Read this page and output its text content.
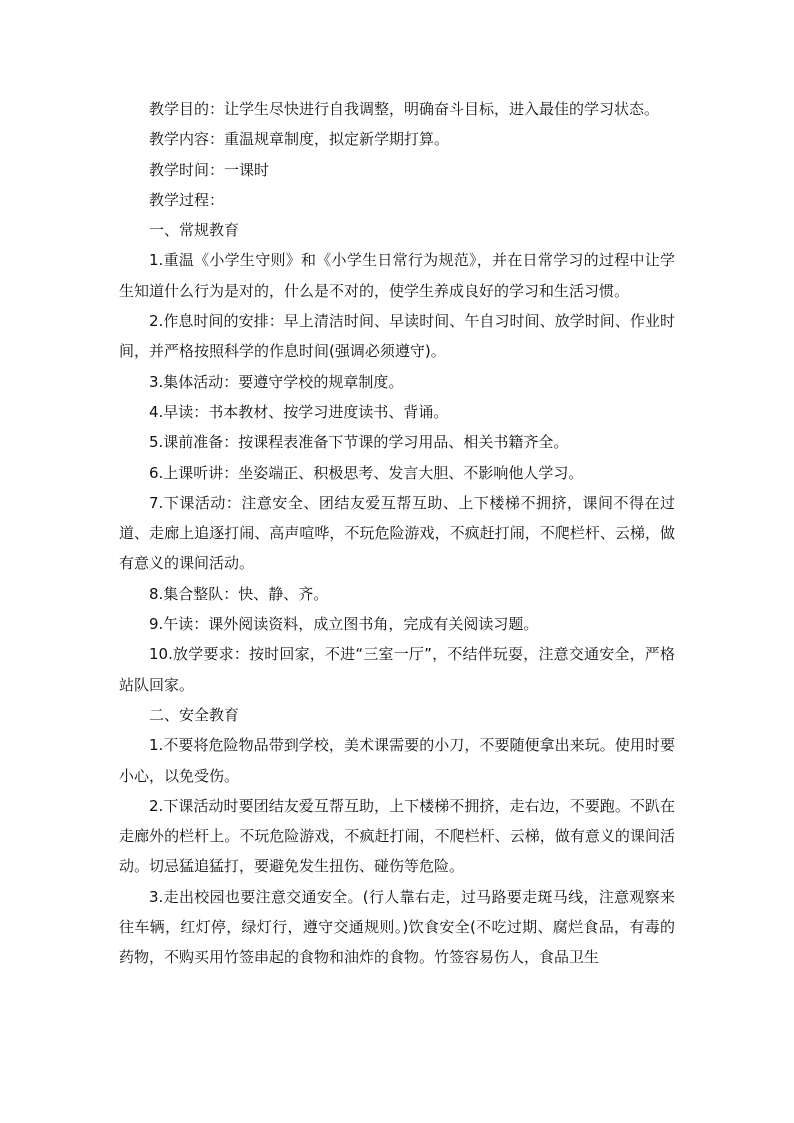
教学目的：让学生尽快进行自我调整，明确奋斗目标，进入最佳的学习状态。

教学内容：重温规章制度，拟定新学期打算。

教学时间：一课时

教学过程：

一、常规教育

1.重温《小学生守则》和《小学生日常行为规范》，并在日常学习的过程中让学生知道什么行为是对的，什么是不对的，使学生养成良好的学习和生活习惯。

2.作息时间的安排：早上清洁时间、早读时间、午自习时间、放学时间、作业时间，并严格按照科学的作息时间(强调必须遵守)。

3.集体活动：要遵守学校的规章制度。

4.早读：书本教材、按学习进度读书、背诵。

5.课前准备：按课程表准备下节课的学习用品、相关书籍齐全。

6.上课听讲：坐姿端正、积极思考、发言大胆、不影响他人学习。

7.下课活动：注意安全、团结友爱互帮互助、上下楼梯不拥挤，课间不得在过道、走廊上追逐打闹、高声喧哗，不玩危险游戏，不疯赶打闹，不爬栏杆、云梯，做有意义的课间活动。

8.集合整队：快、静、齐。

9.午读：课外阅读资料，成立图书角，完成有关阅读习题。

10.放学要求：按时回家，不进“三室一厅”，不结伴玩耍，注意交通安全，严格站队回家。

二、安全教育

1.不要将危险物品带到学校，美术课需要的小刀，不要随便拿出来玩。使用时要小心，以免受伤。

2.下课活动时要团结友爱互帮互助，上下楼梯不拥挤，走右边，不要跑。不趴在走廊外的栏杆上。不玩危险游戏，不疯赶打闹，不爬栏杆、云梯，做有意义的课间活动。切忌猛追猛打，要避免发生扭伤、碰伤等危险。

3.走出校园也要注意交通安全。(行人靠右走，过马路要走斑马线，注意观察来往车辆，红灯停，绿灯行，遵守交通规则。)饮食安全(不吃过期、腐烂食品，有毒的药物，不购买用竹签串起的食物和油炸的食物。竹签容易伤人，食品卫生
